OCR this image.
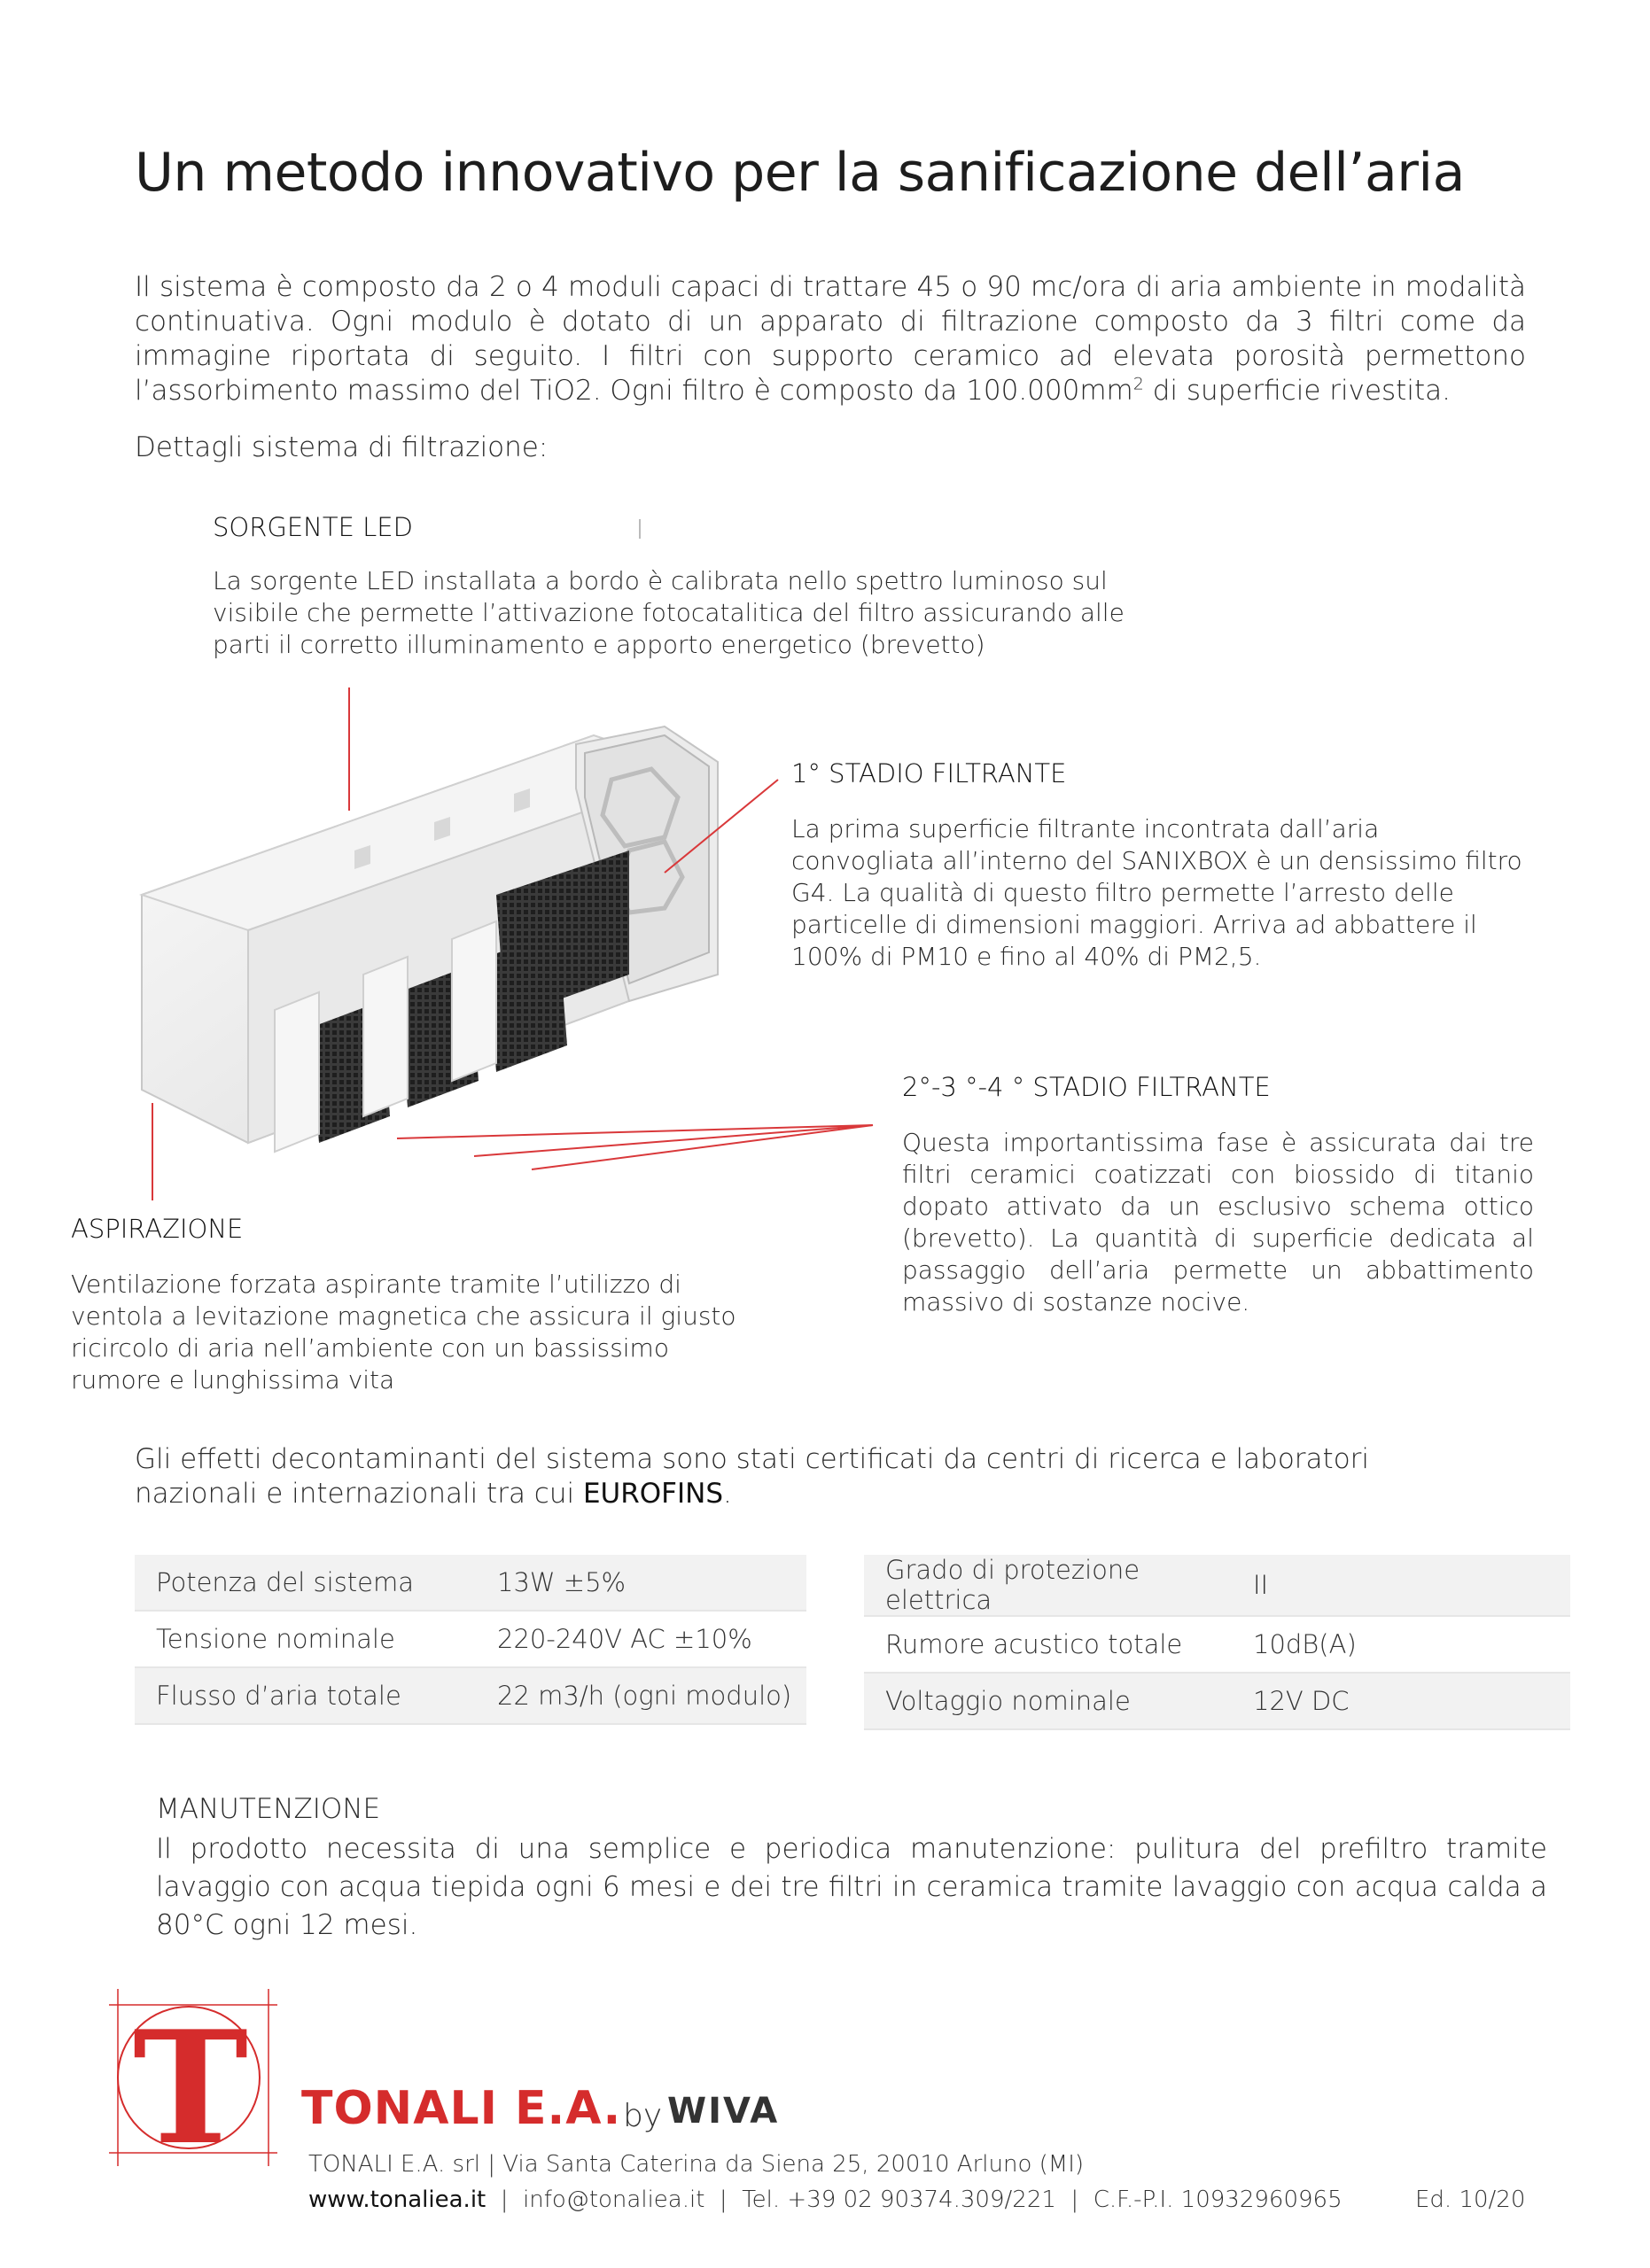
Un metodo innovativo per la sanificazione dell’aria
Il sistema è composto da 2 o 4 moduli capaci di trattare 45 o 90 mc/ora di aria ambiente in modalità continuativa. Ogni modulo è dotato di un apparato di filtrazione composto da 3 filtri come da immagine riportata di seguito. I filtri con supporto ceramico ad elevata porosità permettono l’assorbimento massimo del TiO2. Ogni filtro è composto da $100.000mm^2$ di superficie rivestita.
Dettagli sistema di filtrazione:
SORGENTE LED
La sorgente LED installata a bordo è calibrata nello spettro luminoso sul visibile che permette l’attivazione fotocatalitica del filtro assicurando alle parti il corretto illuminamento e apporto energetico (brevetto)
1° STADIO FILTRANTE
La prima superficie filtrante incontrata dall’aria convogliata all’interno del SANIXBOX è un densissimo filtro G4. La qualità di questo filtro permette l’arresto delle particelle di dimensioni maggiori. Arriva ad abbattere il 100% di PM10 e fino al 40% di PM2,5.
2°-3 °-4 ° STADIO FILTRANTE
Questa importantissima fase è assicurata dai tre filtri ceramici coatizzati con biossido di titanio dopato attivato da un esclusivo schema ottico (brevetto). La quantità di superficie dedicata al passaggio dell’aria permette un abbattimento massivo di sostanze nocive.
ASPIRAZIONE
Ventilazione forzata aspirante tramite l’utilizzo di ventola a levitazione magnetica che assicura il giusto ricircolo di aria nell’ambiente con un bassissimo rumore e lunghissima vita
Gli effetti decontaminanti del sistema sono stati certificati da centri di ricerca e laboratori nazionali e internazionali tra cui EUROFINS.
Potenza del sistema	13W ±5%
Tensione nominale	220-240V AC ±10%
Flusso d’aria totale	22 m3/h (ogni modulo)
Grado di protezione elettrica	II
Rumore acustico totale	10dB(A)
Voltaggio nominale	12V DC
MANUTENZIONE
Il prodotto necessita di una semplice e periodica manutenzione: pulitura del prefiltro tramite lavaggio con acqua tiepida ogni 6 mesi e dei tre filtri in ceramica tramite lavaggio con acqua calda a 80°C ogni 12 mesi.
T TONALI E.A. by WIVA
TONALI E.A. srl | Via Santa Caterina da Siena 25, 20010 Arluno (MI)
www.tonaliea.it  |  info@tonaliea.it  |  Tel. +39 02 90374.309/221  |  C.F.-P.I. 10932960965	Ed. 10/20
